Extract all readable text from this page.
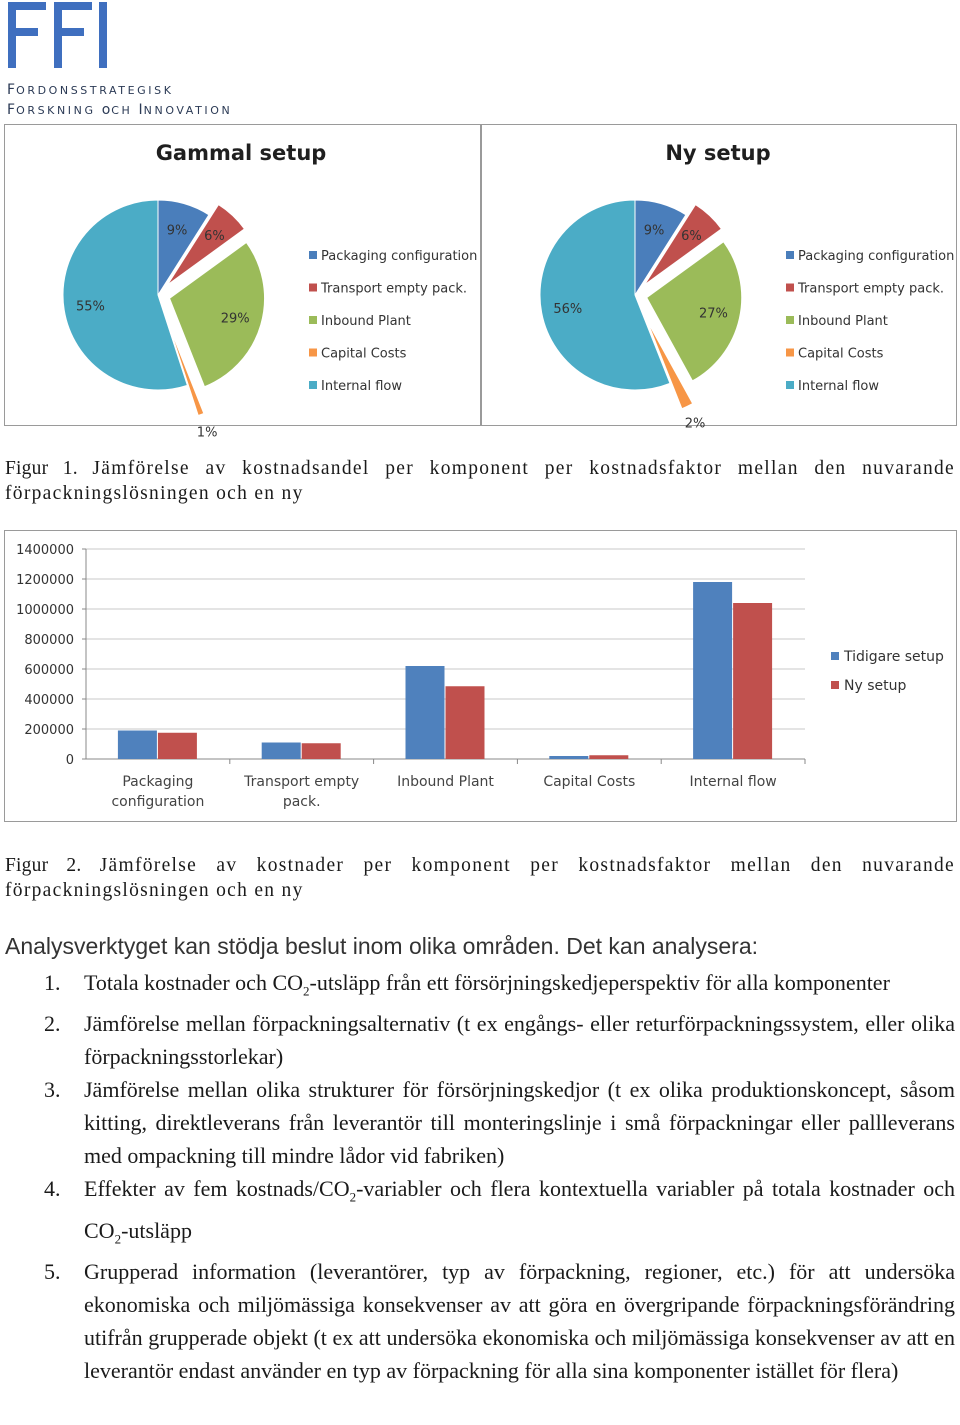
FORDONSSTRATEGISK
FORSKNING oCH INNOVATION
Gammal setup
9% 6%
29%
1%
55%
Packaging configuration
Transport empty pack.
Inbound Plant
Capital Costs
Internal flow
Ny setup
9% 6%
27%
2%
56%
Packaging configuration
Transport empty pack.
Inbound Plant
Capital Costs
Internal flow
Figur 1. Jämförelse av kostnadsandel per komponent per kostnadsfaktor mellan den nuvarande förpackningslösningen och en ny
0
200000
400000
600000
800000
1000000
1200000
1400000
Packaging
configuration
Transport empty
pack.
Inbound Plant	Capital Costs	Internal flow
Tidigare setup
Ny setup
Figur 2. Jämförelse av kostnader per komponent per kostnadsfaktor mellan den nuvarande förpackningslösningen och en ny
Analysverktyget kan stödja beslut inom olika områden. Det kan analysera:
1. Totala kostnader och $CO_2$-utsläpp från ett försörjningskedjeperspektiv för alla komponenter
2. Jämförelse mellan förpackningsalternativ (t ex engångs- eller returförpackningssystem, eller olika förpackningsstorlekar)
3. Jämförelse mellan olika strukturer för försörjningskedjor (t ex olika produktionskoncept, såsom kitting, direktleverans från leverantör till monteringslinje i små förpackningar eller pallleverans med ompackning till mindre lådor vid fabriken)
4. Effekter av fem kostnads/$CO_2$-variabler och flera kontextuella variabler på totala kostnader och $CO_2$-utsläpp
5. Grupperad information (leverantörer, typ av förpackning, regioner, etc.) för att undersöka ekonomiska och miljömässiga konsekvenser av att göra en övergripande förpackningsförändring utifrån grupperade objekt (t ex att undersöka ekonomiska och miljömässiga konsekvenser av att en leverantör endast använder en typ av förpackning för alla sina komponenter istället för flera)
